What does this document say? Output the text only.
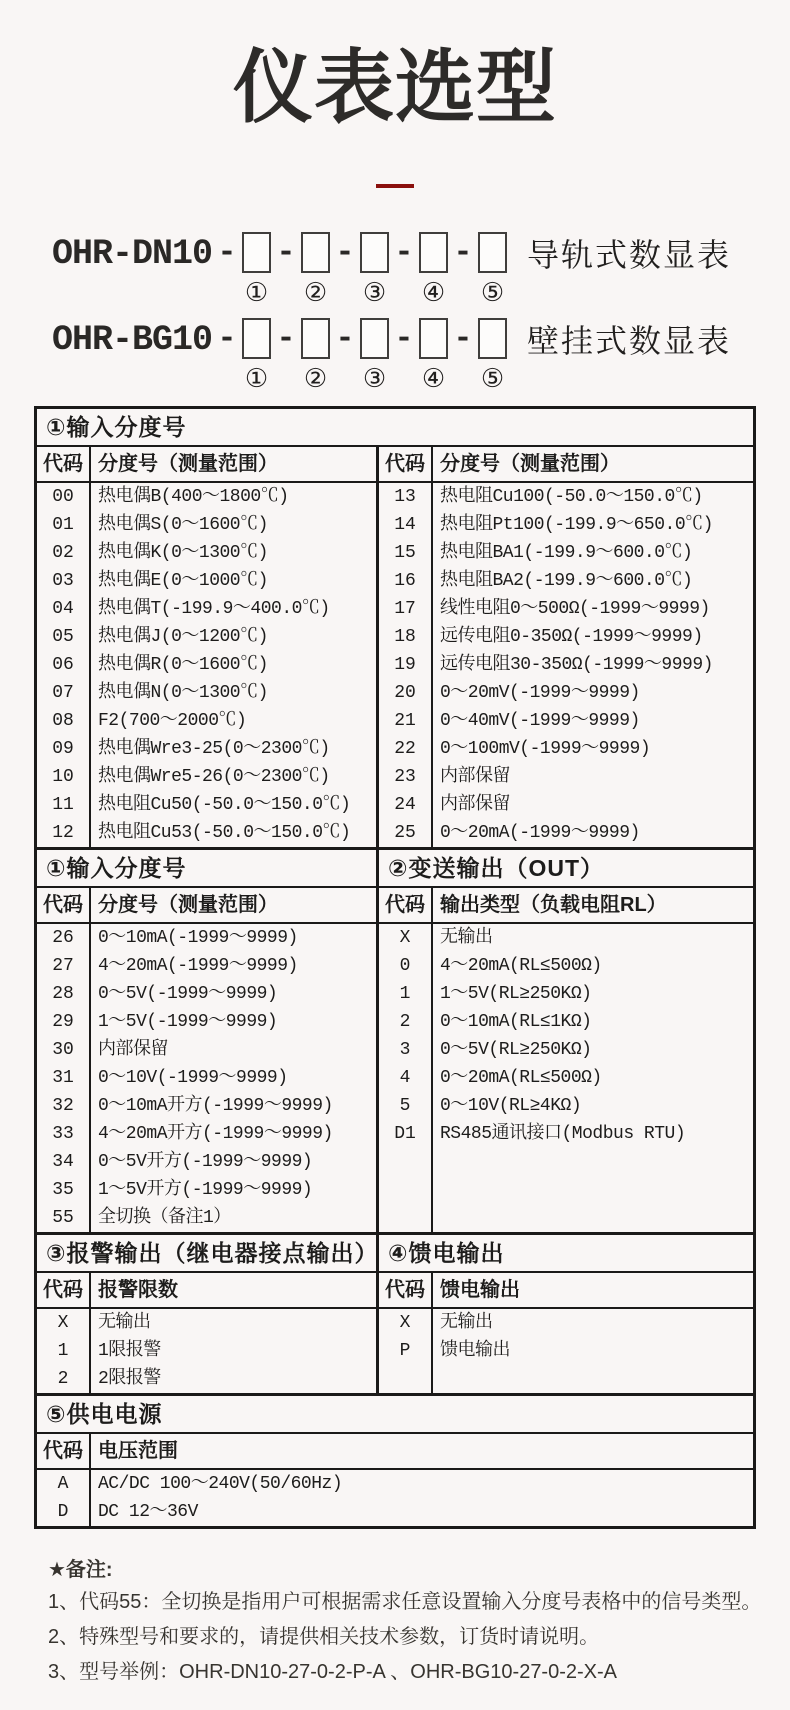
仪表选型
OHR-DN10 -
①
-
②
-
③
-
④
-
⑤
导轨式数显表
OHR-BG10 -
①
-
②
-
③
-
④
-
⑤
壁挂式数显表
①输入分度号
代码
00
01
02
03
04
05
06
07
08
09
10
11
12
分度号（测量范围）
热电偶B(400～1800℃)
热电偶S(0～1600℃)
热电偶K(0～1300℃)
热电偶E(0～1000℃)
热电偶T(-199.9～400.0℃)
热电偶J(0～1200℃)
热电偶R(0～1600℃)
热电偶N(0～1300℃)
F2(700～2000℃)
热电偶Wre3-25(0～2300℃)
热电偶Wre5-26(0～2300℃)
热电阻Cu50(-50.0～150.0℃)
热电阻Cu53(-50.0～150.0℃)
代码
13
14
15
16
17
18
19
20
21
22
23
24
25
分度号（测量范围）
热电阻Cu100(-50.0～150.0℃)
热电阻Pt100(-199.9～650.0℃)
热电阻BA1(-199.9～600.0℃)
热电阻BA2(-199.9～600.0℃)
线性电阻0～500Ω(-1999～9999)
远传电阻0-350Ω(-1999～9999)
远传电阻30-350Ω(-1999～9999)
0～20mV(-1999～9999)
0～40mV(-1999～9999)
0～100mV(-1999～9999)
内部保留
内部保留
0～20mA(-1999～9999)
①输入分度号	②变送输出（OUT）
代码
26
27
28
29
30
31
32
33
34
35
55
分度号（测量范围）
0～10mA(-1999～9999)
4～20mA(-1999～9999)
0～5V(-1999～9999)
1～5V(-1999～9999)
内部保留
0～10V(-1999～9999)
0～10mA开方(-1999～9999)
4～20mA开方(-1999～9999)
0～5V开方(-1999～9999)
1～5V开方(-1999～9999)
全切换（备注1）
代码
X
0
1
2
3
4
5
D1
输出类型（负载电阻RL）
无输出
4～20mA(RL≤500Ω)
1～5V(RL≥250KΩ)
0～10mA(RL≤1KΩ)
0～5V(RL≥250KΩ)
0～20mA(RL≤500Ω)
0～10V(RL≥4KΩ)
RS485通讯接口(Modbus RTU)
③报警输出（继电器接点输出） ④馈电输出
代码
X
1
2
报警限数
无输出
1限报警
2限报警
代码
X
P
馈电输出
无输出
馈电输出
⑤供电电源
代码
A
D
电压范围
AC/DC 100～240V(50/60Hz)
DC 12～36V
★备注:
1、代码55：全切换是指用户可根据需求任意设置输入分度号表格中的信号类型。
2、特殊型号和要求的，请提供相关技术参数，订货时请说明。
3、型号举例：OHR-DN10-27-0-2-P-A 、OHR-BG10-27-0-2-X-A
